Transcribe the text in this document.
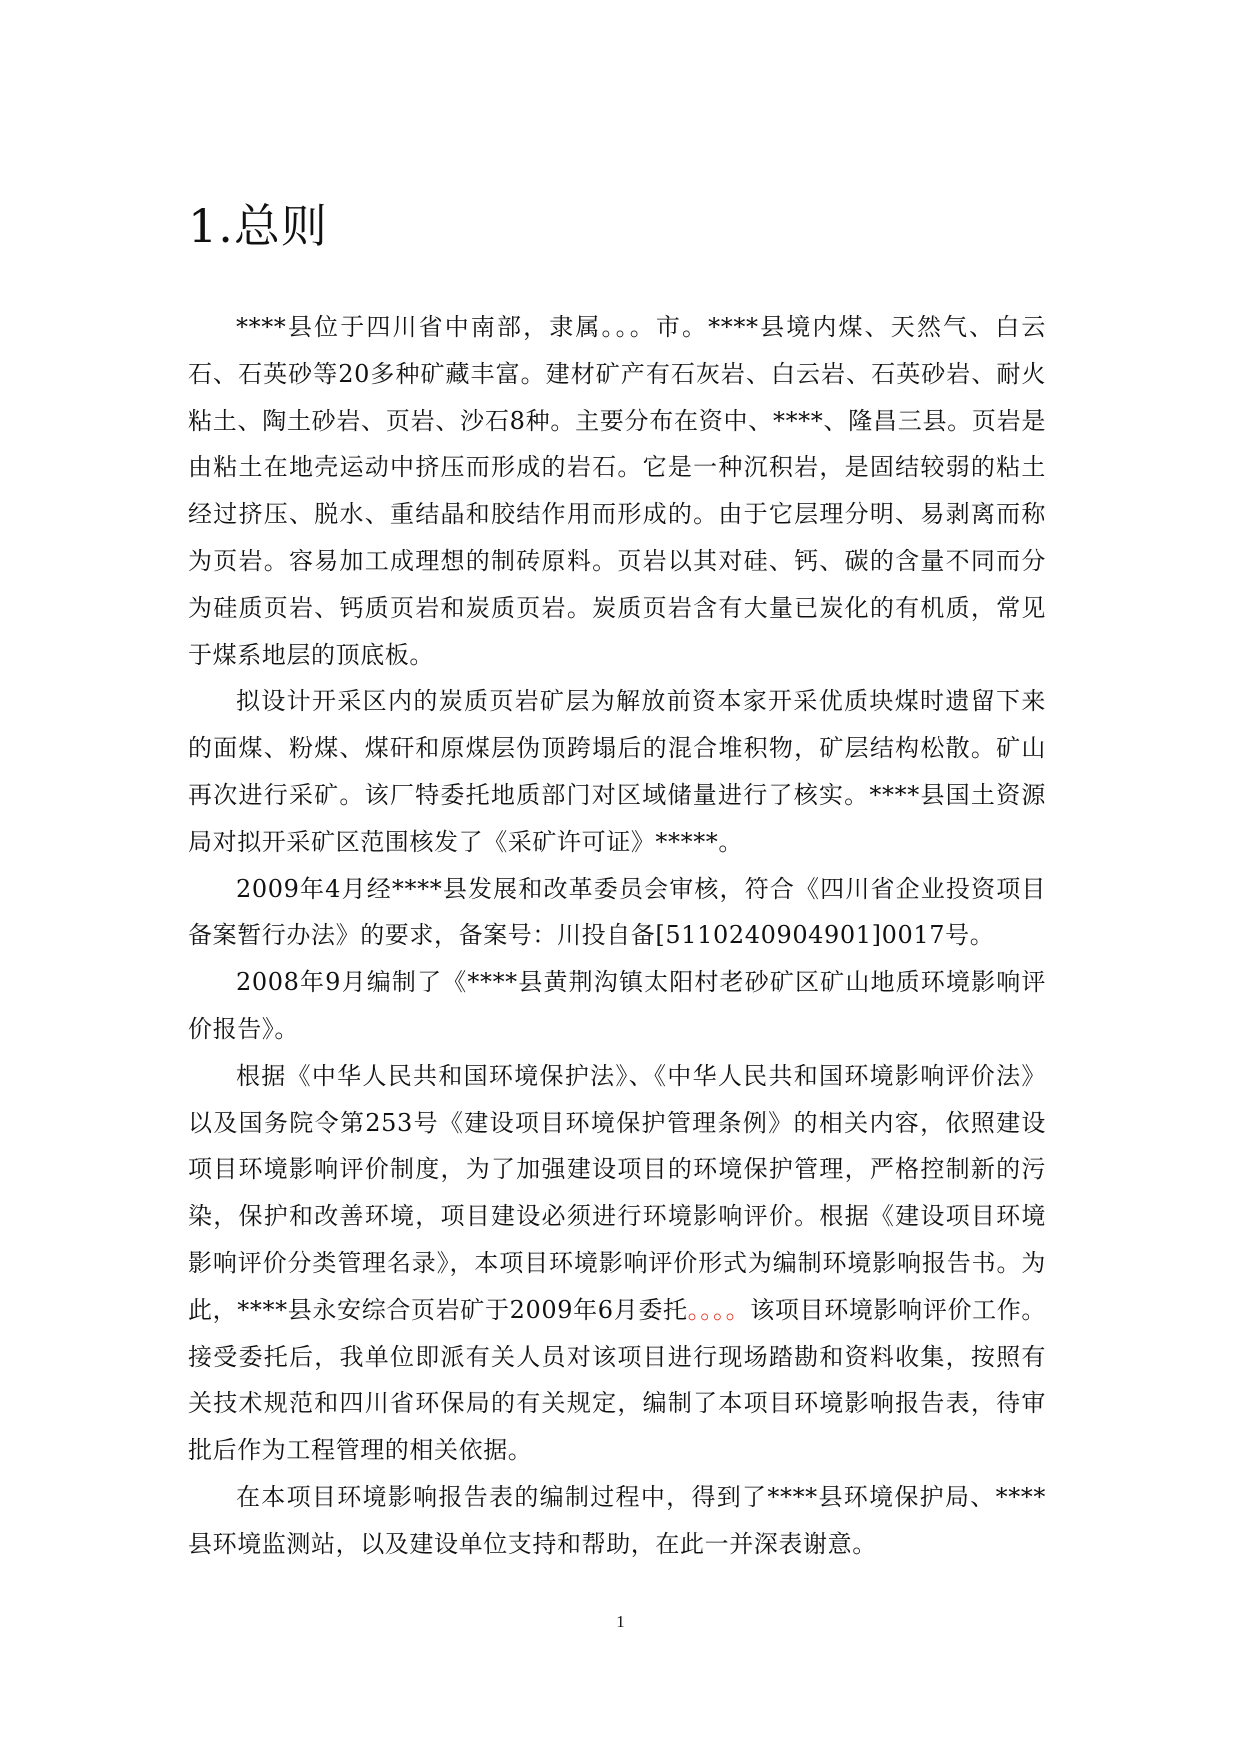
1.总则

****县位于四川省中南部，隶属。。。市。****县境内煤、天然气、白云石、石英砂等20多种矿藏丰富。建材矿产有石灰岩、白云岩、石英砂岩、耐火粘土、陶土砂岩、页岩、沙石8种。主要分布在资中、****、隆昌三县。页岩是由粘土在地壳运动中挤压而形成的岩石。它是一种沉积岩，是固结较弱的粘土经过挤压、脱水、重结晶和胶结作用而形成的。由于它层理分明、易剥离而称为页岩。容易加工成理想的制砖原料。页岩以其对硅、钙、碳的含量不同而分为硅质页岩、钙质页岩和炭质页岩。炭质页岩含有大量已炭化的有机质，常见于煤系地层的顶底板。

拟设计开采区内的炭质页岩矿层为解放前资本家开采优质块煤时遗留下来的面煤、粉煤、煤矸和原煤层伪顶跨塌后的混合堆积物，矿层结构松散。矿山再次进行采矿。该厂特委托地质部门对区域储量进行了核实。****县国土资源局对拟开采矿区范围核发了《采矿许可证》*****。

2009年4月经****县发展和改革委员会审核，符合《四川省企业投资项目备案暂行办法》的要求，备案号：川投自备[5110240904901]0017号。

2008年9月编制了《****县黄荆沟镇太阳村老砂矿区矿山地质环境影响评价报告》。

根据《中华人民共和国环境保护法》、《中华人民共和国环境影响评价法》以及国务院令第253号《建设项目环境保护管理条例》的相关内容，依照建设项目环境影响评价制度，为了加强建设项目的环境保护管理，严格控制新的污染，保护和改善环境，项目建设必须进行环境影响评价。根据《建设项目环境影响评价分类管理名录》，本项目环境影响评价形式为编制环境影响报告书。为此，****县永安综合页岩矿于2009年6月委托。。。。该项目环境影响评价工作。接受委托后，我单位即派有关人员对该项目进行现场踏勘和资料收集，按照有关技术规范和四川省环保局的有关规定，编制了本项目环境影响报告表，待审批后作为工程管理的相关依据。

在本项目环境影响报告表的编制过程中，得到了****县环境保护局、****县环境监测站，以及建设单位支持和帮助，在此一并深表谢意。

1
